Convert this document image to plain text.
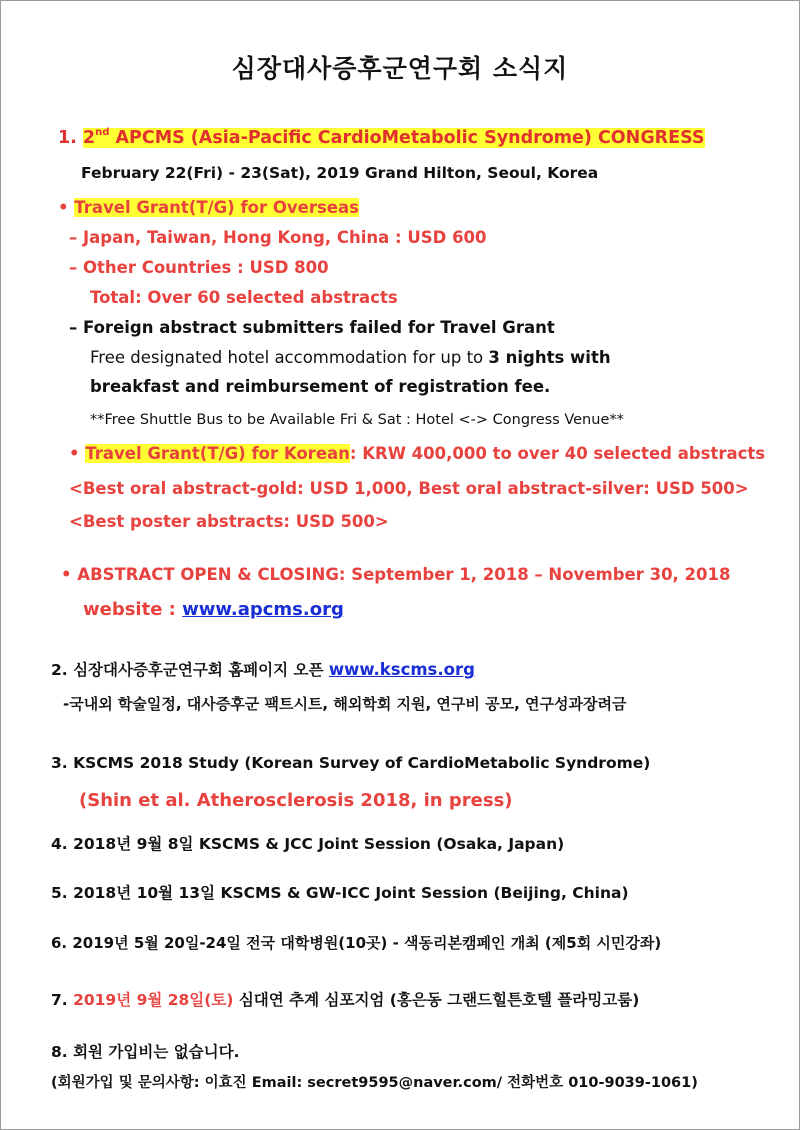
심장대사증후군연구회 소식지
1. 2nd APCMS (Asia-Pacific CardioMetabolic Syndrome) CONGRESS
February 22(Fri) - 23(Sat), 2019 Grand Hilton, Seoul, Korea
• Travel Grant(T/G) for Overseas
– Japan, Taiwan, Hong Kong, China : USD 600
– Other Countries : USD 800
Total: Over 60 selected abstracts
– Foreign abstract submitters failed for Travel Grant
Free designated hotel accommodation for up to 3 nights with
breakfast and reimbursement of registration fee.
**Free Shuttle Bus to be Available Fri & Sat : Hotel <-> Congress Venue**
• Travel Grant(T/G) for Korean: KRW 400,000 to over 40 selected abstracts
<Best oral abstract-gold: USD 1,000, Best oral abstract-silver: USD 500>
<Best poster abstracts: USD 500>
• ABSTRACT OPEN & CLOSING: September 1, 2018 – November 30, 2018
website : www.apcms.org
2. 심장대사증후군연구회 홈페이지 오픈 www.kscms.org
-국내외 학술일정, 대사증후군 팩트시트, 해외학회 지원, 연구비 공모, 연구성과장려금
3. KSCMS 2018 Study (Korean Survey of CardioMetabolic Syndrome)
(Shin et al. Atherosclerosis 2018, in press)
4. 2018년 9월 8일 KSCMS & JCC Joint Session (Osaka, Japan)
5. 2018년 10월 13일 KSCMS & GW-ICC Joint Session (Beijing, China)
6. 2019년 5월 20일-24일 전국 대학병원(10곳) - 색동리본캠페인 개최 (제5회 시민강좌)
7. 2019년 9월 28일(토) 심대연 추계 심포지엄 (홍은동 그랜드힐튼호텔 플라밍고룸)
8. 회원 가입비는 없습니다.
(회원가입 및 문의사항: 이효진 Email: secret9595@naver.com/ 전화번호 010-9039-1061)
